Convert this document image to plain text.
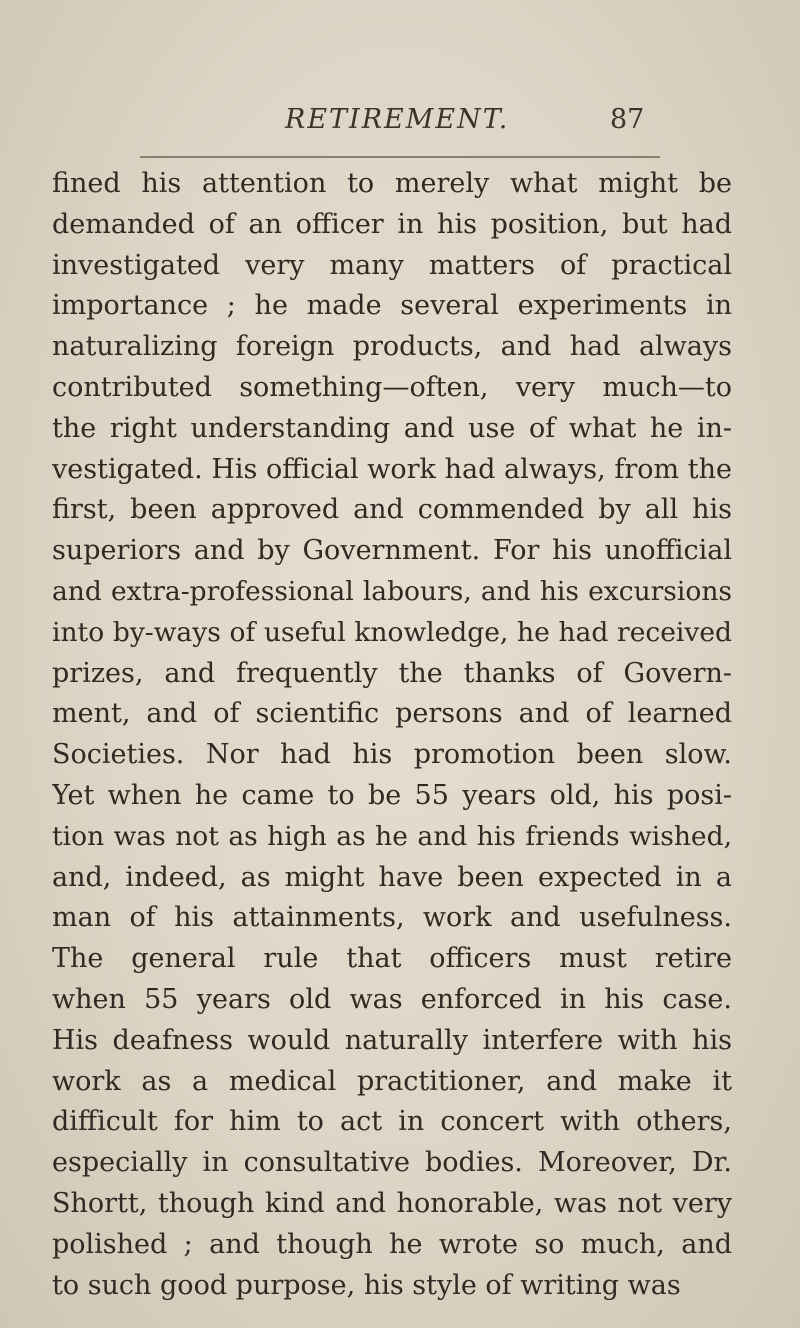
RETIREMENT.	87
fined his attention to merely what might be
demanded of an officer in his position, but had
investigated very many matters of practical
importance ; he made several experiments in
naturalizing foreign products, and had always
contributed something—often, very much—to
the right understanding and use of what he in-
vestigated. His official work had always, from the
first, been approved and commended by all his
superiors and by Government. For his unofficial
and extra-professional labours, and his excursions
into by-ways of useful knowledge, he had received
prizes, and frequently the thanks of Govern-
ment, and of scientific persons and of learned
Societies. Nor had his promotion been slow.
Yet when he came to be 55 years old, his posi-
tion was not as high as he and his friends wished,
and, indeed, as might have been expected in a
man of his attainments, work and usefulness.
The general rule that officers must retire
when 55 years old was enforced in his case.
His deafness would naturally interfere with his
work as a medical practitioner, and make it
difficult for him to act in concert with others,
especially in consultative bodies. Moreover, Dr.
Shortt, though kind and honorable, was not very
polished ; and though he wrote so much, and
to such good purpose, his style of writing was
